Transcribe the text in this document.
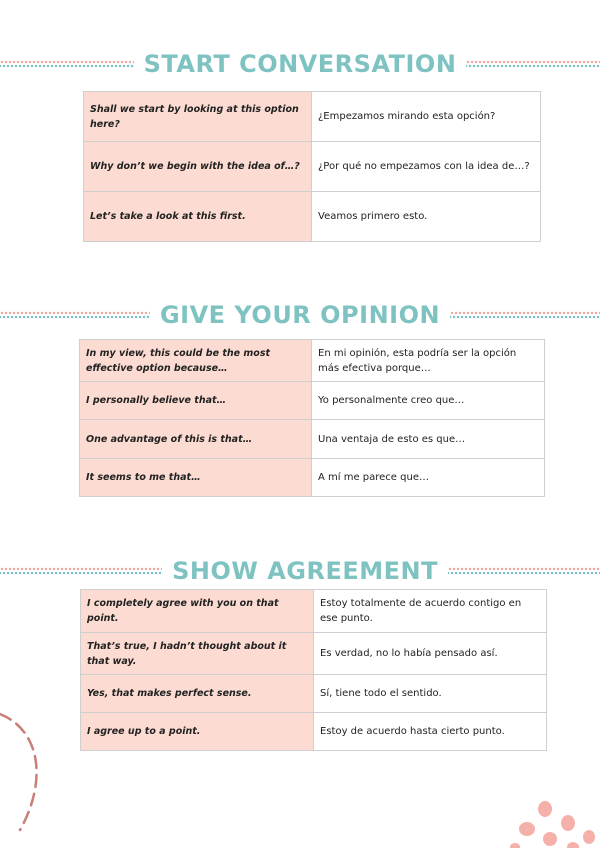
START CONVERSATION
Shall we start by looking at this option here?	¿Empezamos mirando esta opción?
Why don’t we begin with the idea of…?	¿Por qué no empezamos con la idea de…?
Let’s take a look at this first.	Veamos primero esto.
GIVE YOUR OPINION
In my view, this could be the most effective option because…	En mi opinión, esta podría ser la opción más efectiva porque…
I personally believe that…	Yo personalmente creo que…
One advantage of this is that…	Una ventaja de esto es que…
It seems to me that…	A mí me parece que…
SHOW AGREEMENT
I completely agree with you on that point.	Estoy totalmente de acuerdo contigo en ese punto.
That’s true, I hadn’t thought about it that way.	Es verdad, no lo había pensado así.
Yes, that makes perfect sense.	Sí, tiene todo el sentido.
I agree up to a point.	Estoy de acuerdo hasta cierto punto.
